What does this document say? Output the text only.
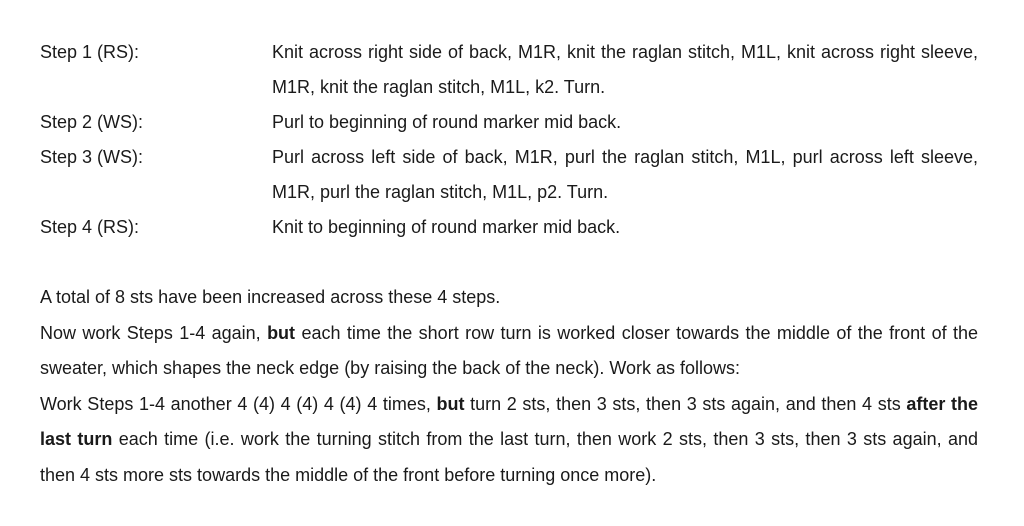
Step 1 (RS):	Knit across right side of back, M1R, knit the raglan stitch, M1L, knit across right sleeve, M1R, knit the raglan stitch, M1L, k2. Turn.
Step 2 (WS):	Purl to beginning of round marker mid back.
Step 3 (WS):	Purl across left side of back, M1R, purl the raglan stitch, M1L, purl across left sleeve, M1R, purl the raglan stitch, M1L, p2. Turn.
Step 4 (RS):	Knit to beginning of round marker mid back.

A total of 8 sts have been increased across these 4 steps.

Now work Steps 1-4 again, but each time the short row turn is worked closer towards the middle of the front of the sweater, which shapes the neck edge (by raising the back of the neck). Work as follows:

Work Steps 1-4 another 4 (4) 4 (4) 4 (4) 4 times, but turn 2 sts, then 3 sts, then 3 sts again, and then 4 sts after the last turn each time (i.e. work the turning stitch from the last turn, then work 2 sts, then 3 sts, then 3 sts again, and then 4 sts more sts towards the middle of the front before turning once more).
